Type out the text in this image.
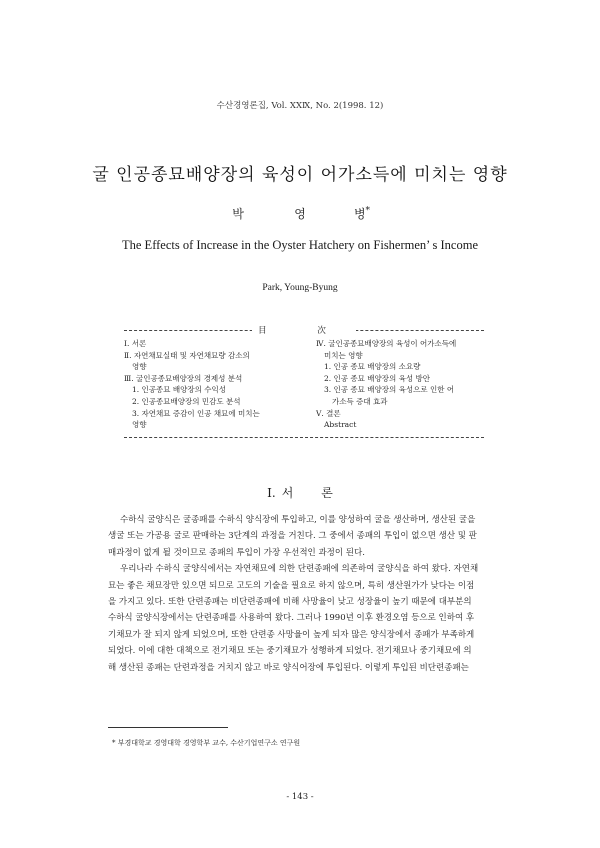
수산경영론집, Vol. XXⅨ, No. 2(1998. 12)
굴 인공종묘배양장의 육성이 어가소득에 미치는 영향
박	영	병*
The Effects of Increase in the Oyster Hatchery on Fishermen’ s Income
Park, Young-Byung
目 次
Ⅰ. 서론
Ⅱ. 자연채묘실태 및 자연채묘량 감소의
영향
Ⅲ. 굴인공종묘배양장의 경제성 분석
1. 인공종묘 배양장의 수익성
2. 인공종묘배양장의 민감도 분석
3. 자연채묘 증감이 인공 채묘에 미치는
영향
Ⅳ. 굴인공종묘배양장의 육성이 어가소득에
미치는 영향
1. 인공 종묘 배양장의 소요량
2. 인공 종묘 배양장의 육성 방안
3. 인공 종묘 배양장의 육성으로 인한 어
가소득 증대 효과
Ⅴ. 결론
Abstract
Ⅰ. 서 론
수하식 굴양식은 굴종패를 수하식 양식장에 투입하고, 이를 양성하여 굴을 생산하며, 생산된 굴을
생굴 또는 가공용 굴로 판매하는 3단계의 과정을 거친다. 그 중에서 종패의 투입이 없으면 생산 및 판
매과정이 없게 될 것이므로 종패의 투입이 가장 우선적인 과정이 된다.
우리나라 수하식 굴양식에서는 자연채묘에 의한 단련종패에 의존하여 굴양식을 하여 왔다. 자연채
묘는 좋은 채묘장만 있으면 되므로 고도의 기술을 필요로 하지 않으며, 특히 생산원가가 낮다는 이점
을 가지고 있다. 또한 단련종패는 비단련종패에 비해 사망율이 낮고 성장율이 높기 때문에 대부분의
수하식 굴양식장에서는 단련종패를 사용하여 왔다. 그러나 1990년 이후 환경오염 등으로 인하여 후
기채묘가 잘 되지 않게 되었으며, 또한 단련종 사망율이 높게 되자 많은 양식장에서 종패가 부족하게
되었다. 이에 대한 대책으로 전기채묘 또는 중기채묘가 성행하게 되었다. 전기채묘나 중기채묘에 의
해 생산된 종패는 단련과정을 거치지 않고 바로 양식어장에 투입된다. 이렇게 투입된 비단련종패는
* 부경대학교 경영대학 경영학부 교수, 수산기업연구소 연구원
- 143 -
